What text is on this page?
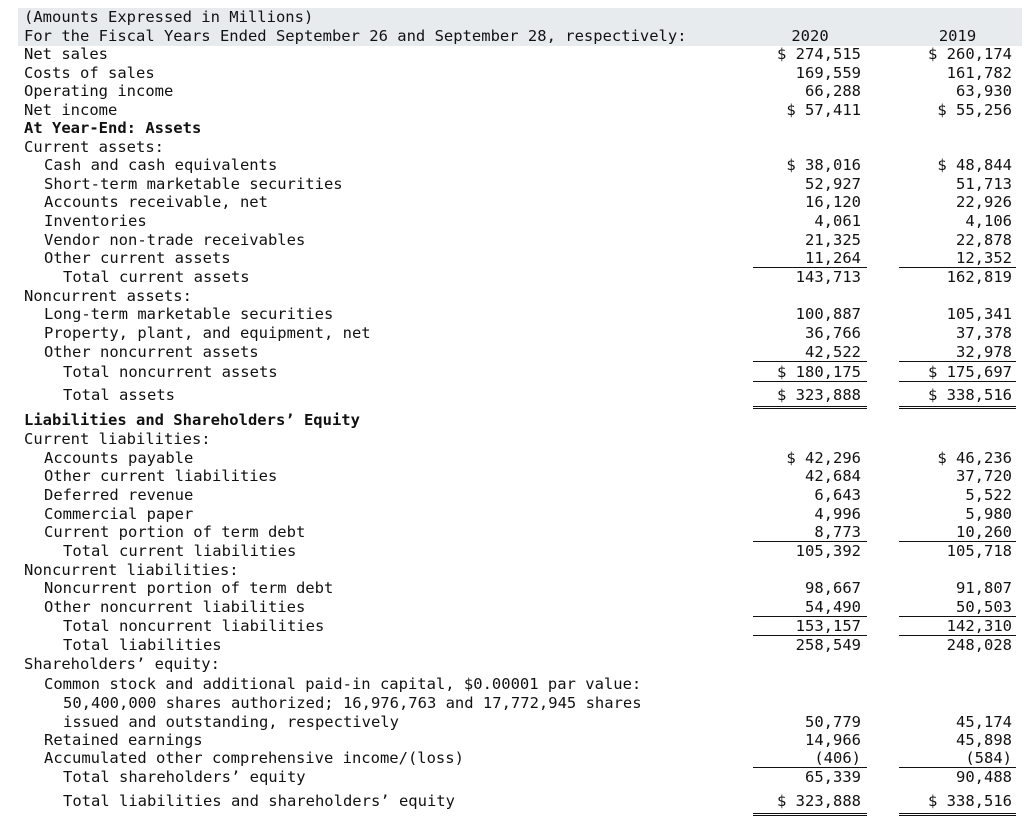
(Amounts Expressed in Millions)
For the Fiscal Years Ended September 26 and September 28, respectively:	2020	2019
Net sales	$ 274,515	$ 260,174
Costs of sales	169,559	161,782
Operating income	66,288	63,930
Net income	$ 57,411	$ 55,256
At Year-End: Assets
Current assets:
Cash and cash equivalents	$ 38,016	$ 48,844
Short-term marketable securities	52,927	51,713
Accounts receivable, net	16,120	22,926
Inventories	4,061	4,106
Vendor non-trade receivables	21,325	22,878
Other current assets	11,264	12,352
Total current assets	143,713	162,819
Noncurrent assets:
Long-term marketable securities	100,887	105,341
Property, plant, and equipment, net	36,766	37,378
Other noncurrent assets	42,522	32,978
Total noncurrent assets	$ 180,175	$ 175,697
Total assets	$ 323,888	$ 338,516
Liabilities and Shareholders’ Equity
Current liabilities:
Accounts payable	$ 42,296	$ 46,236
Other current liabilities	42,684	37,720
Deferred revenue	6,643	5,522
Commercial paper	4,996	5,980
Current portion of term debt	8,773	10,260
Total current liabilities	105,392	105,718
Noncurrent liabilities:
Noncurrent portion of term debt	98,667	91,807
Other noncurrent liabilities	54,490	50,503
Total noncurrent liabilities	153,157	142,310
Total liabilities	258,549	248,028
Shareholders’ equity:
Common stock and additional paid-in capital, $0.00001 par value:
50,400,000 shares authorized; 16,976,763 and 17,772,945 shares
issued and outstanding, respectively	50,779	45,174
Retained earnings	14,966	45,898
Accumulated other comprehensive income/(loss)	(406)	(584)
Total shareholders’ equity	65,339	90,488
Total liabilities and shareholders’ equity	$ 323,888	$ 338,516
